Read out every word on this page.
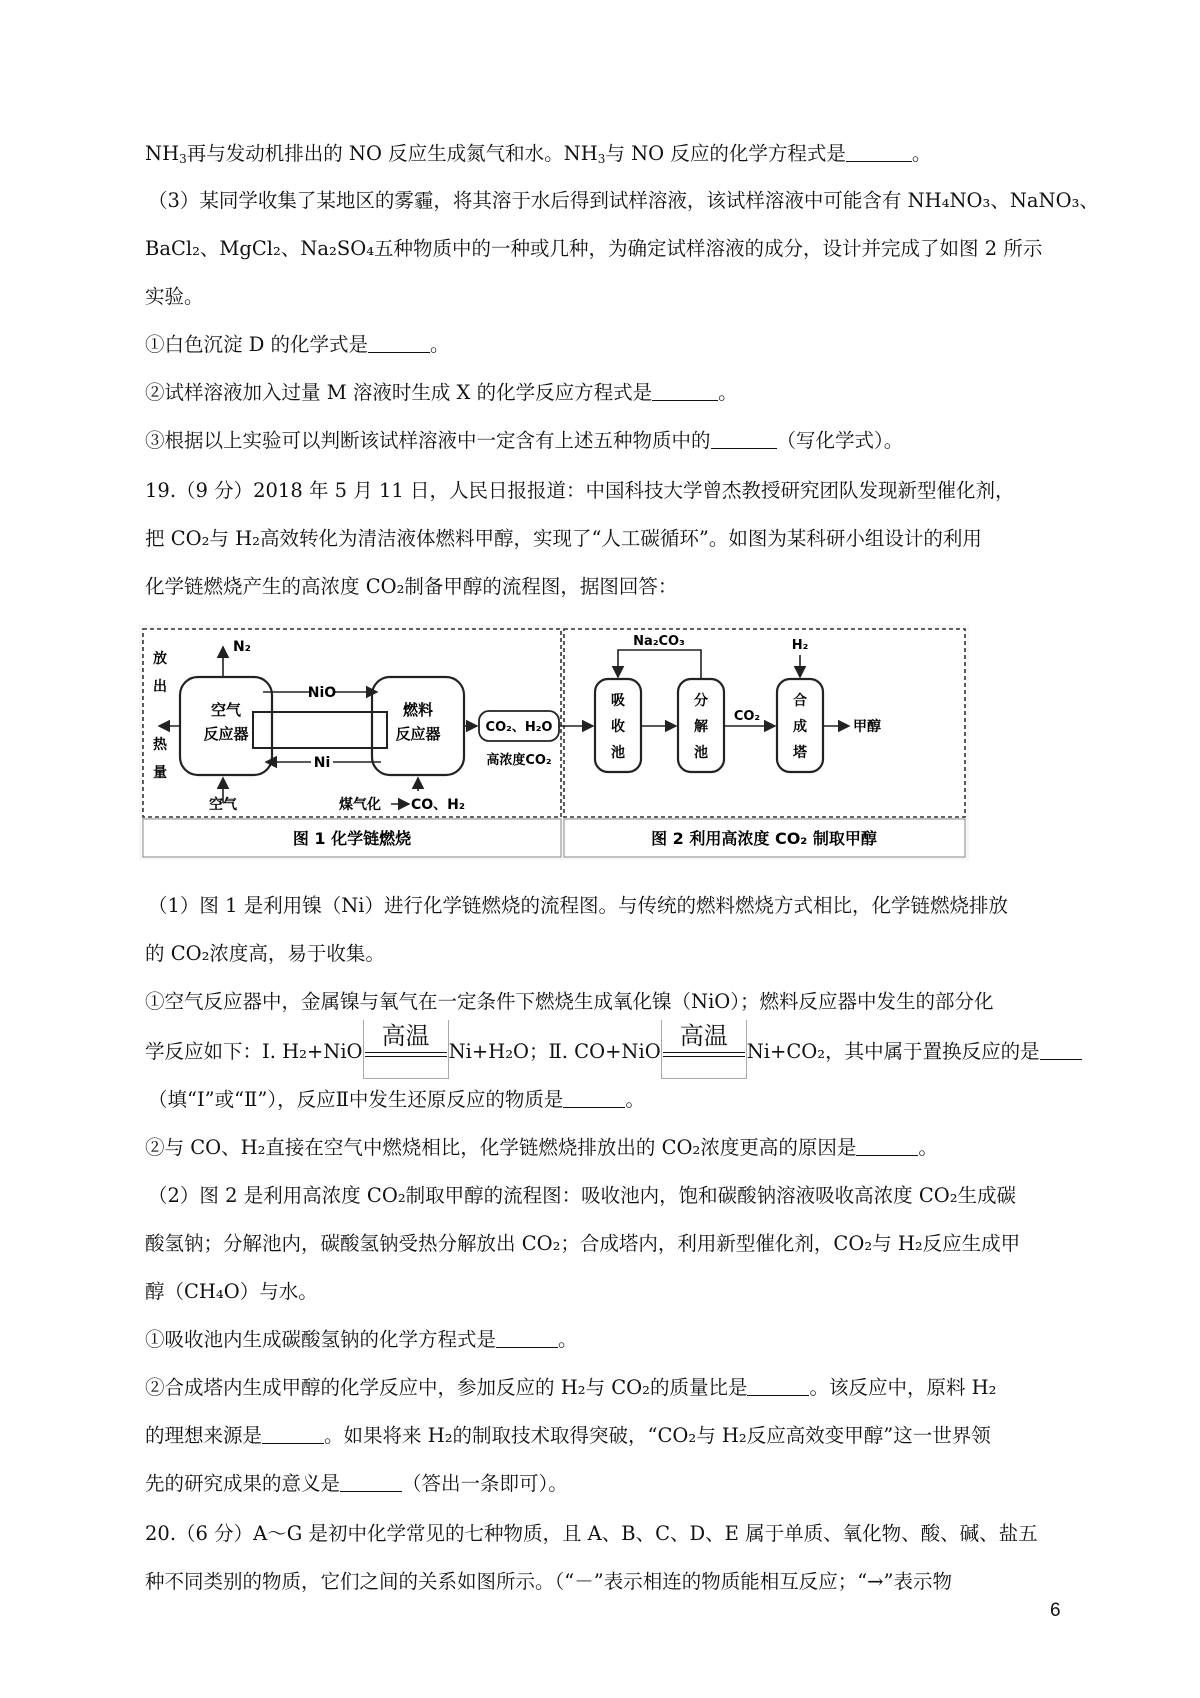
$NH_3$再与发动机排出的 NO 反应生成氮气和水。$NH_3$与 NO 反应的化学方程式是	。
（3）某同学收集了某地区的雾霾，将其溶于水后得到试样溶液，该试样溶液中可能含有 NH₄NO₃、NaNO₃、
BaCl₂、MgCl₂、Na₂SO₄五种物质中的一种或几种，为确定试样溶液的成分，设计并完成了如图 2 所示
实验。
①白色沉淀 D 的化学式是	。
②试样溶液加入过量 M 溶液时生成 X 的化学反应方程式是	。
③根据以上实验可以判断该试样溶液中一定含有上述五种物质中的	（写化学式）。
19.（9 分）2018 年 5 月 11 日，人民日报报道：中国科技大学曾杰教授研究团队发现新型催化剂，
把 CO₂与 H₂高效转化为清洁液体燃料甲醇，实现了“人工碳循环”。如图为某科研小组设计的利用
化学链燃烧产生的高浓度 CO₂制备甲醇的流程图，据图回答：
空气
反应器
燃料
反应器
NiO
Ni
N₂
放
出
热
量
空气	煤气化 CO、H₂
CO₂、H₂O
高浓度CO₂
图 1 化学链燃烧
吸
收
池
分
解
池
合
成
塔
CO₂
Na₂CO₃	H₂
甲醇
图 2 利用高浓度 CO₂ 制取甲醇
（1）图 1 是利用镍（Ni）进行化学链燃烧的流程图。与传统的燃料燃烧方式相比，化学链燃烧排放
的 CO₂浓度高，易于收集。
①空气反应器中，金属镍与氧气在一定条件下燃烧生成氧化镍（NiO）；燃料反应器中发生的部分化
学反应如下：Ⅰ. H₂+NiO
高温
Ni+H₂O；Ⅱ. CO+NiO
高温
Ni+CO₂，其中属于置换反应的是
（填“Ⅰ”或“Ⅱ”），反应Ⅱ中发生还原反应的物质是	。
②与 CO、H₂直接在空气中燃烧相比，化学链燃烧排放出的 CO₂浓度更高的原因是	。
（2）图 2 是利用高浓度 CO₂制取甲醇的流程图：吸收池内，饱和碳酸钠溶液吸收高浓度 CO₂生成碳
酸氢钠；分解池内，碳酸氢钠受热分解放出 CO₂；合成塔内，利用新型催化剂，CO₂与 H₂反应生成甲
醇（CH₄O）与水。
①吸收池内生成碳酸氢钠的化学方程式是	。
②合成塔内生成甲醇的化学反应中，参加反应的 H₂与 CO₂的质量比是	。该反应中，原料 H₂
的理想来源是	。如果将来 H₂的制取技术取得突破，“CO₂与 H₂反应高效变甲醇”这一世界领
先的研究成果的意义是	（答出一条即可）。
20.（6 分）A～G 是初中化学常见的七种物质，且 A、B、C、D、E 属于单质、氧化物、酸、碱、盐五
种不同类别的物质，它们之间的关系如图所示。（“－”表示相连的物质能相互反应；“→”表示物
6
